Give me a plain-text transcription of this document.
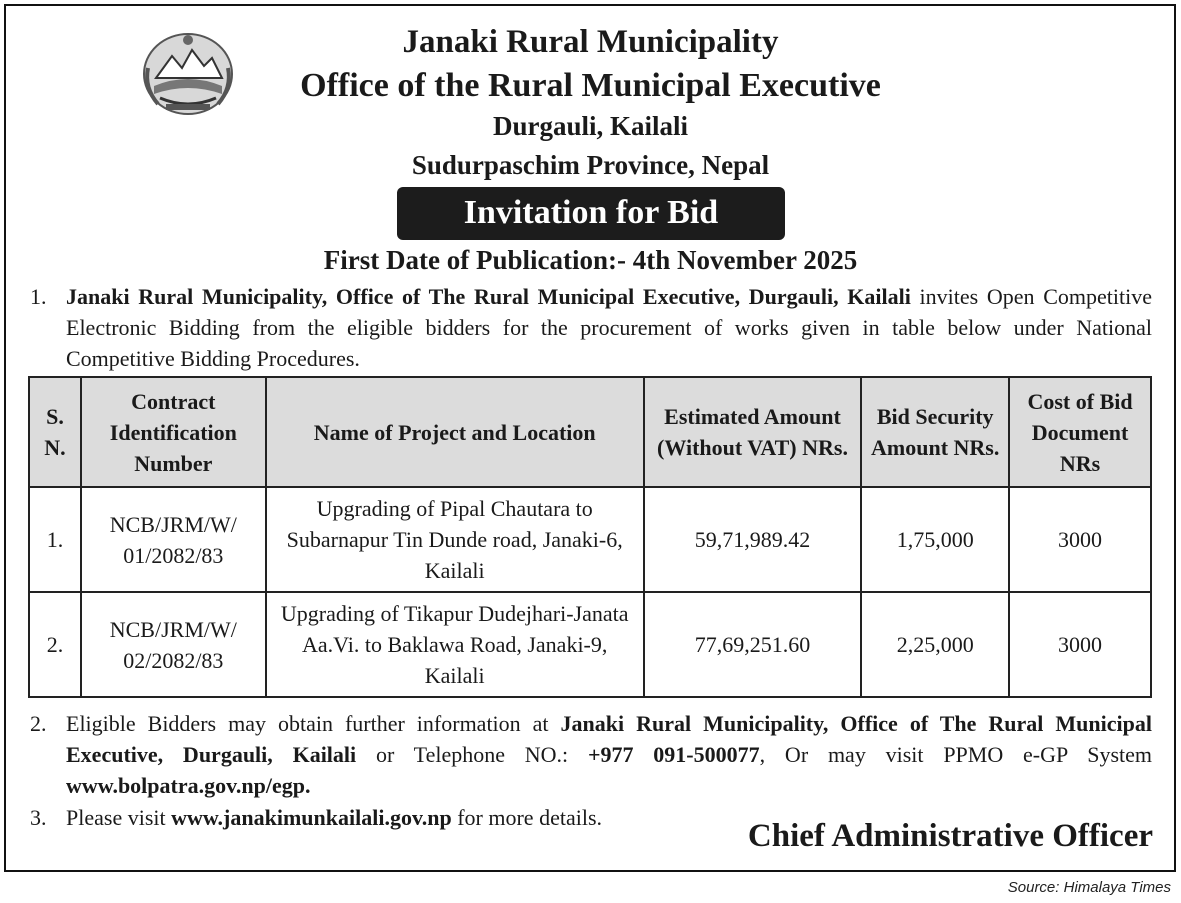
Janaki Rural Municipality
Office of the Rural Municipal Executive
Durgauli, Kailali
Sudurpaschim Province, Nepal
Invitation for Bid
First Date of Publication:- 4th November 2025
1. Janaki Rural Municipality, Office of The Rural Municipal Executive, Durgauli, Kailali invites Open Competitive Electronic Bidding from the eligible bidders for the procurement of works given in table below under National Competitive Bidding Procedures.
S. N.	Contract Identification Number	Name of Project and Location	Estimated Amount (Without VAT) NRs.	Bid Security Amount NRs.	Cost of Bid Document NRs
1.	NCB/JRM/W/ 01/2082/83	Upgrading of Pipal Chautara to Subarnapur Tin Dunde road, Janaki-6, Kailali	59,71,989.42	1,75,000	3000
2.	NCB/JRM/W/ 02/2082/83	Upgrading of Tikapur Dudejhari-Janata Aa.Vi. to Baklawa Road, Janaki-9, Kailali	77,69,251.60	2,25,000	3000
2. Eligible Bidders may obtain further information at Janaki Rural Municipality, Office of The Rural Municipal Executive, Durgauli, Kailali or Telephone NO.: +977 091-500077, Or may visit PPMO e-GP System www.bolpatra.gov.np/egp.
3. Please visit www.janakimunkailali.gov.np for more details.
Chief Administrative Officer
Source: Himalaya Times
